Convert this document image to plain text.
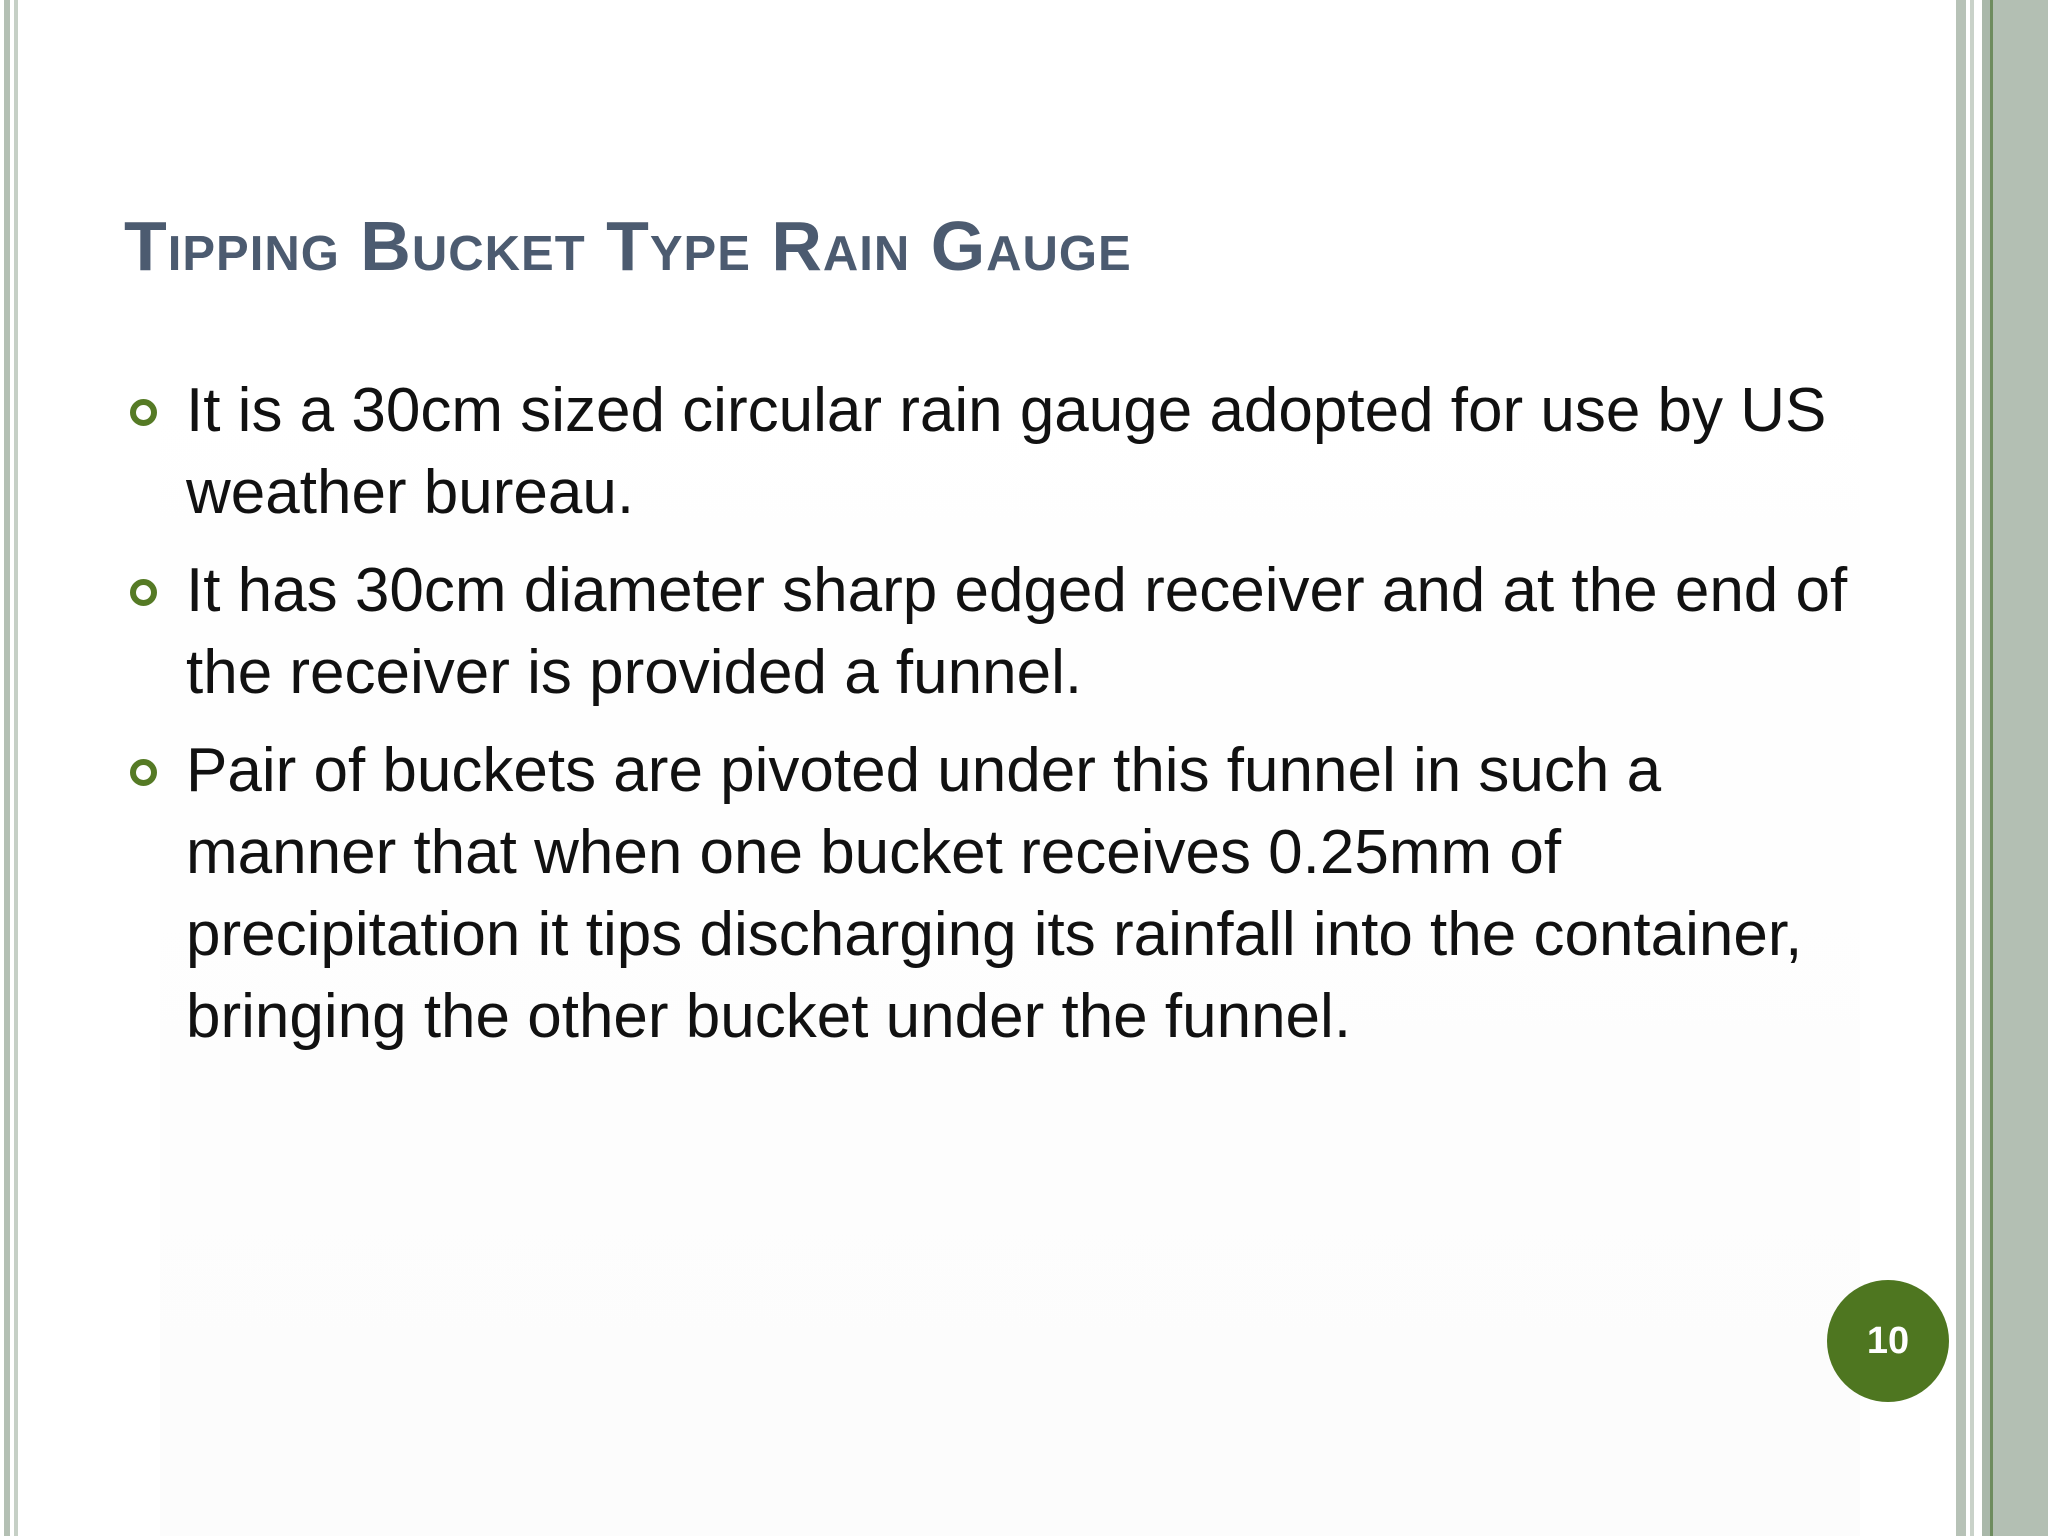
Tipping Bucket Type Rain Gauge
It is a 30cm sized circular rain gauge adopted for use by US weather bureau.
It has 30cm diameter sharp edged receiver and at the end of the receiver is provided a funnel.
Pair of buckets are pivoted under this funnel in such a manner that when one bucket receives 0.25mm of precipitation it tips discharging its rainfall into the container, bringing the other bucket under the funnel.
10
